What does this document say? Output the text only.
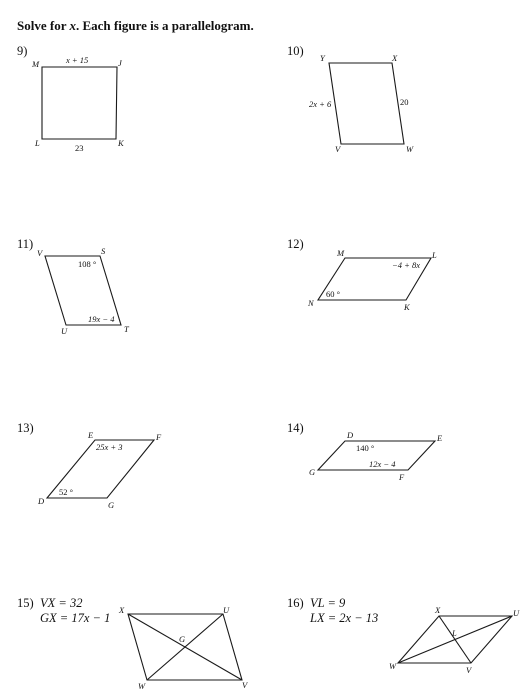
Solve for x. Each figure is a parallelogram.
9)	10)
11)	12)
13)	14)
15)	16)
VX = 32
GX = 17x − 1
VL = 9
LX = 2x − 13
M	J
K
L
x + 15
23
Y	X
W
V
2x + 6	20
V	S
T
U
108 °
19x − 4
M	L
K
N
−4 + 8x
60 °
E	F
G
D
25x + 3
52 °
D	E
F
G
140 °
12x − 4
X	U
V
W
G
X	U
V
W
L
